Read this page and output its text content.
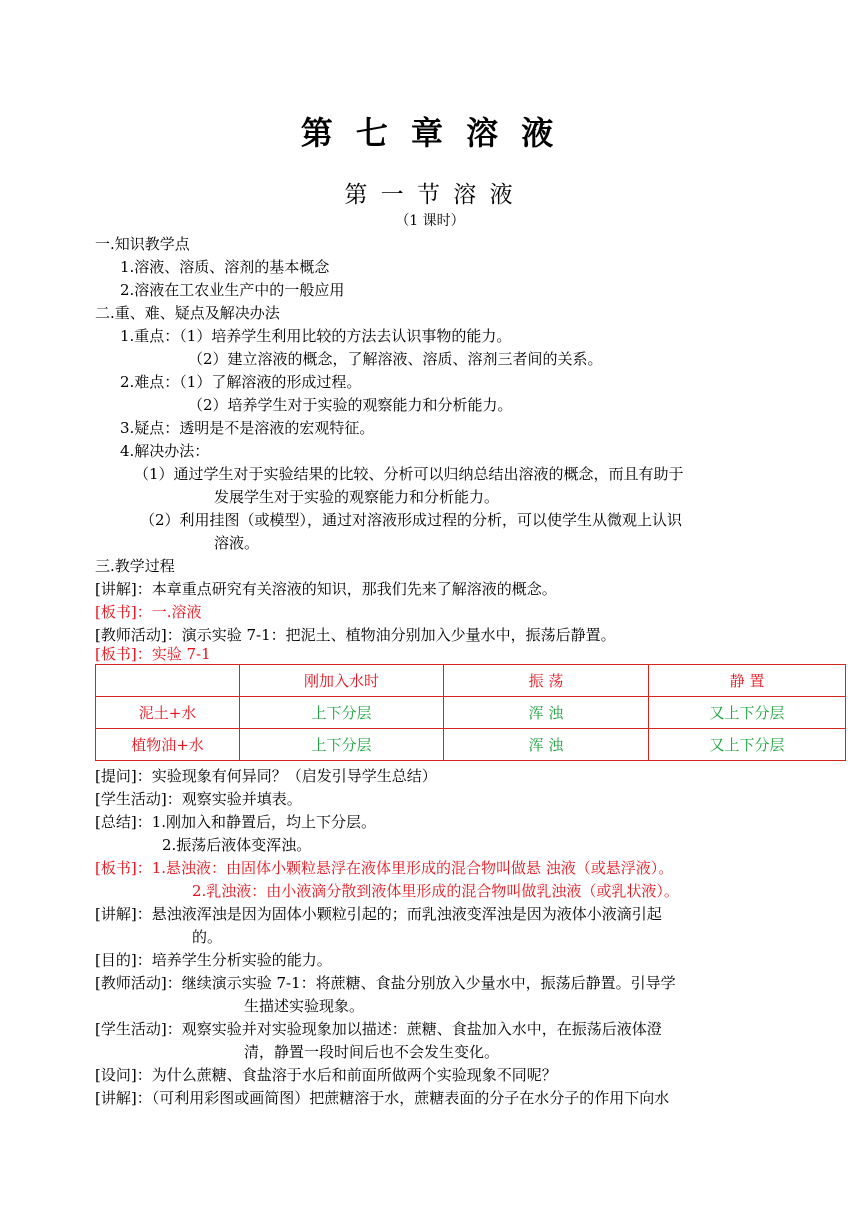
第 七 章 溶 液
第 一 节 溶 液
（1 课时）
一.知识教学点
1.溶液、溶质、溶剂的基本概念
2.溶液在工农业生产中的一般应用
二.重、难、疑点及解决办法
1.重点：（1）培养学生利用比较的方法去认识事物的能力。
（2）建立溶液的概念，了解溶液、溶质、溶剂三者间的关系。
2.难点：（1）了解溶液的形成过程。
（2）培养学生对于实验的观察能力和分析能力。
3.疑点：透明是不是溶液的宏观特征。
4.解决办法：
（1）通过学生对于实验结果的比较、分析可以归纳总结出溶液的概念，而且有助于
发展学生对于实验的观察能力和分析能力。
（2）利用挂图（或模型），通过对溶液形成过程的分析，可以使学生从微观上认识
溶液。
三.教学过程
[讲解]：本章重点研究有关溶液的知识，那我们先来了解溶液的概念。
[板书]：一.溶液
[教师活动]：演示实验 7-1：把泥土、植物油分别加入少量水中，振荡后静置。
[板书]：实验 7-1
	刚加入水时	振 荡	静 置
泥土+水	上下分层	浑 浊	又上下分层
植物油+水	上下分层	浑 浊	又上下分层
[提问]：实验现象有何异同？（启发引导学生总结）
[学生活动]：观察实验并填表。
[总结]：1.刚加入和静置后，均上下分层。
2.振荡后液体变浑浊。
[板书]：1.悬浊液：由固体小颗粒悬浮在液体里形成的混合物叫做悬 浊液（或悬浮液）。
2.乳浊液：由小液滴分散到液体里形成的混合物叫做乳浊液（或乳状液）。
[讲解]：悬浊液浑浊是因为固体小颗粒引起的；而乳浊液变浑浊是因为液体小液滴引起
的。
[目的]：培养学生分析实验的能力。
[教师活动]：继续演示实验 7-1：将蔗糖、食盐分别放入少量水中，振荡后静置。引导学
生描述实验现象。
[学生活动]：观察实验并对实验现象加以描述：蔗糖、食盐加入水中，在振荡后液体澄
清，静置一段时间后也不会发生变化。
[设问]：为什么蔗糖、食盐溶于水后和前面所做两个实验现象不同呢？
[讲解]：（可利用彩图或画简图）把蔗糖溶于水，蔗糖表面的分子在水分子的作用下向水
